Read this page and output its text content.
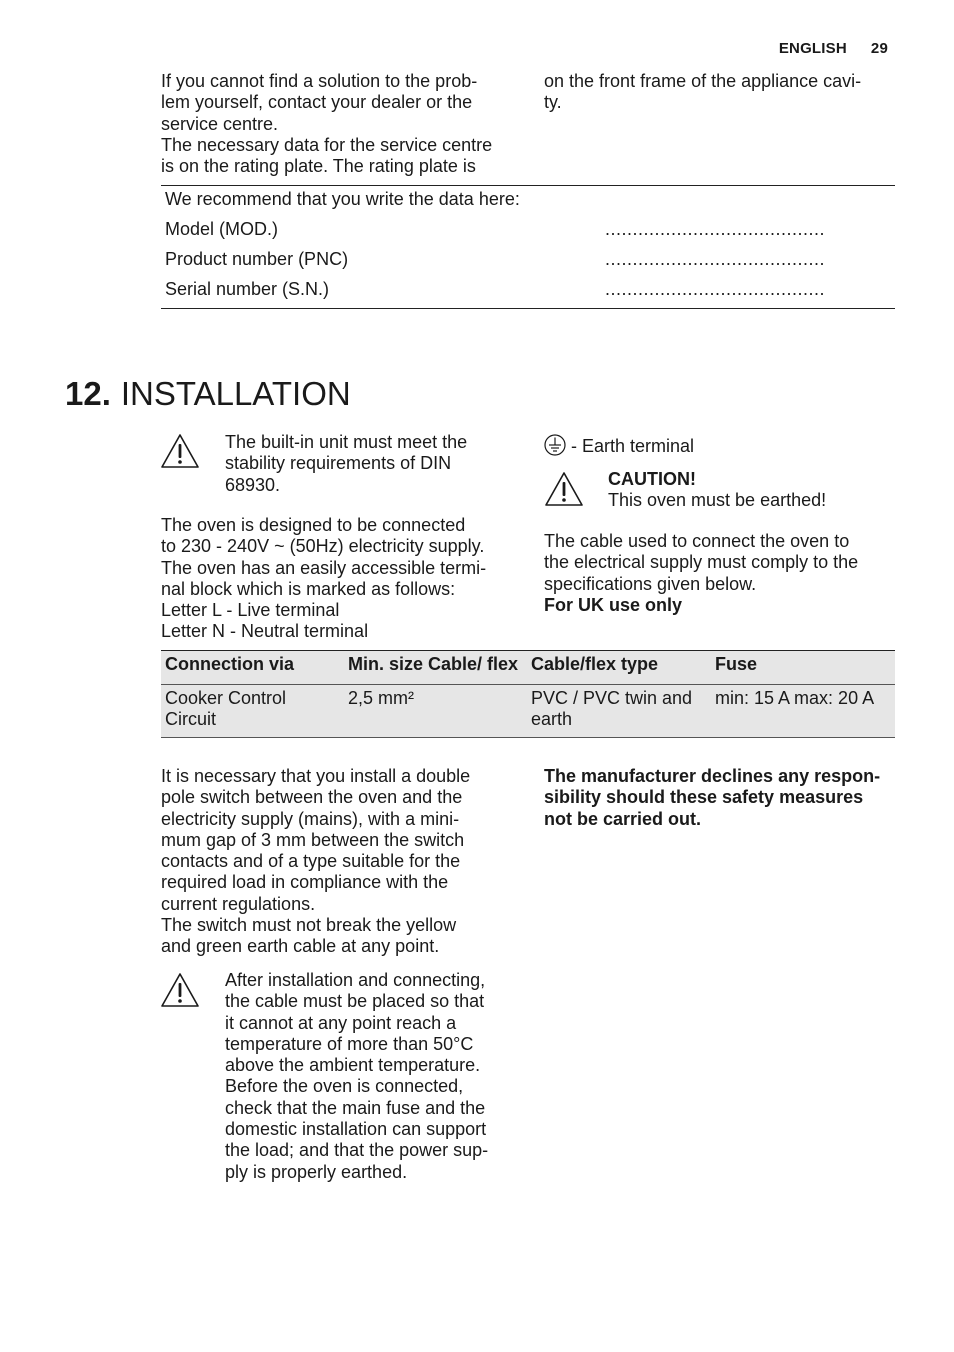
ENGLISH 29
If you cannot find a solution to the prob-
lem yourself, contact your dealer or the
service centre.
The necessary data for the service centre
is on the rating plate. The rating plate is
on the front frame of the appliance cavi-
ty.
We recommend that you write the data here:
Model (MOD.)	........................................
Product number (PNC)	........................................
Serial number (S.N.)	........................................
12. INSTALLATION
The built-in unit must meet the
stability requirements of DIN
68930.
The oven is designed to be connected
to 230 - 240V ~ (50Hz) electricity supply.
The oven has an easily accessible termi-
nal block which is marked as follows:
Letter L - Live terminal
Letter N - Neutral terminal
- Earth terminal
CAUTION!
This oven must be earthed!
The cable used to connect the oven to
the electrical supply must comply to the
specifications given below.
For UK use only
Connection via	Min. size Cable/ flex	Cable/flex type	Fuse
Cooker Control Circuit	2,5 mm²	PVC / PVC twin and earth	min: 15 A max: 20 A
It is necessary that you install a double
pole switch between the oven and the
electricity supply (mains), with a mini-
mum gap of 3 mm between the switch
contacts and of a type suitable for the
required load in compliance with the
current regulations.
The switch must not break the yellow
and green earth cable at any point.
After installation and connecting,
the cable must be placed so that
it cannot at any point reach a
temperature of more than 50°C
above the ambient temperature.
Before the oven is connected,
check that the main fuse and the
domestic installation can support
the load; and that the power sup-
ply is properly earthed.
The manufacturer declines any respon-
sibility should these safety measures
not be carried out.
